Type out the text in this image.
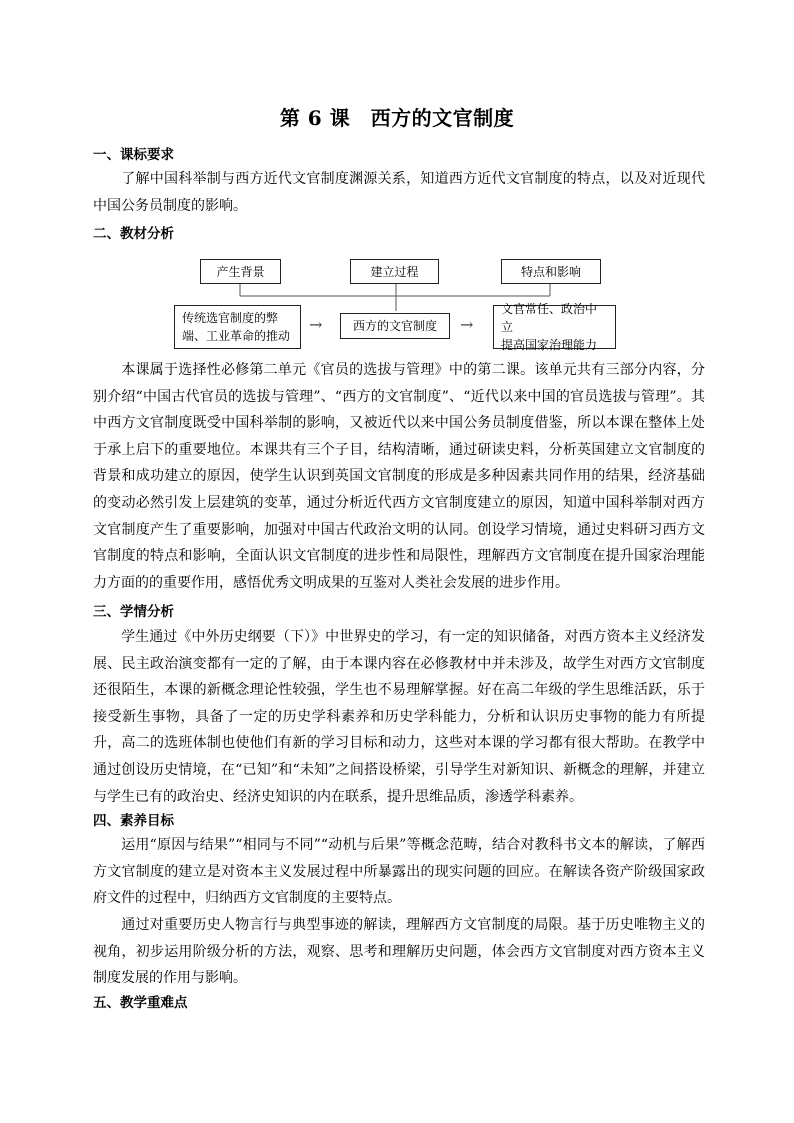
第 6 课　西方的文官制度
一、课标要求

了解中国科举制与西方近代文官制度渊源关系，知道西方近代文官制度的特点，以及对近现代中国公务员制度的影响。

二、教材分析
产生背景	建立过程	特点和影响
传统选官制度的弊
端、工业革命的推动
→	西方的文官制度	→
文官常任、政治中立
提高国家治理能力

本课属于选择性必修第二单元《官员的选拔与管理》中的第二课。该单元共有三部分内容，分别介绍“中国古代官员的选拔与管理”、“西方的文官制度”、“近代以来中国的官员选拔与管理”。其中西方文官制度既受中国科举制的影响，又被近代以来中国公务员制度借鉴，所以本课在整体上处于承上启下的重要地位。本课共有三个子目，结构清晰，通过研读史料，分析英国建立文官制度的背景和成功建立的原因，使学生认识到英国文官制度的形成是多种因素共同作用的结果，经济基础的变动必然引发上层建筑的变革，通过分析近代西方文官制度建立的原因，知道中国科举制对西方文官制度产生了重要影响，加强对中国古代政治文明的认同。创设学习情境，通过史料研习西方文官制度的特点和影响，全面认识文官制度的进步性和局限性，理解西方文官制度在提升国家治理能力方面的的重要作用，感悟优秀文明成果的互鉴对人类社会发展的进步作用。

三、学情分析

学生通过《中外历史纲要（下）》中世界史的学习，有一定的知识储备，对西方资本主义经济发展、民主政治演变都有一定的了解，由于本课内容在必修教材中并未涉及，故学生对西方文官制度还很陌生，本课的新概念理论性较强，学生也不易理解掌握。好在高二年级的学生思维活跃，乐于接受新生事物，具备了一定的历史学科素养和历史学科能力，分析和认识历史事物的能力有所提升，高二的选班体制也使他们有新的学习目标和动力，这些对本课的学习都有很大帮助。在教学中通过创设历史情境，在“已知”和“未知”之间搭设桥梁，引导学生对新知识、新概念的理解，并建立与学生已有的政治史、经济史知识的内在联系，提升思维品质，渗透学科素养。

四、素养目标

运用“原因与结果”“相同与不同”“动机与后果”等概念范畴，结合对教科书文本的解读，了解西方文官制度的建立是对资本主义发展过程中所暴露出的现实问题的回应。在解读各资产阶级国家政府文件的过程中，归纳西方文官制度的主要特点。

通过对重要历史人物言行与典型事迹的解读，理解西方文官制度的局限。基于历史唯物主义的视角，初步运用阶级分析的方法，观察、思考和理解历史问题，体会西方文官制度对西方资本主义制度发展的作用与影响。

五、教学重难点
